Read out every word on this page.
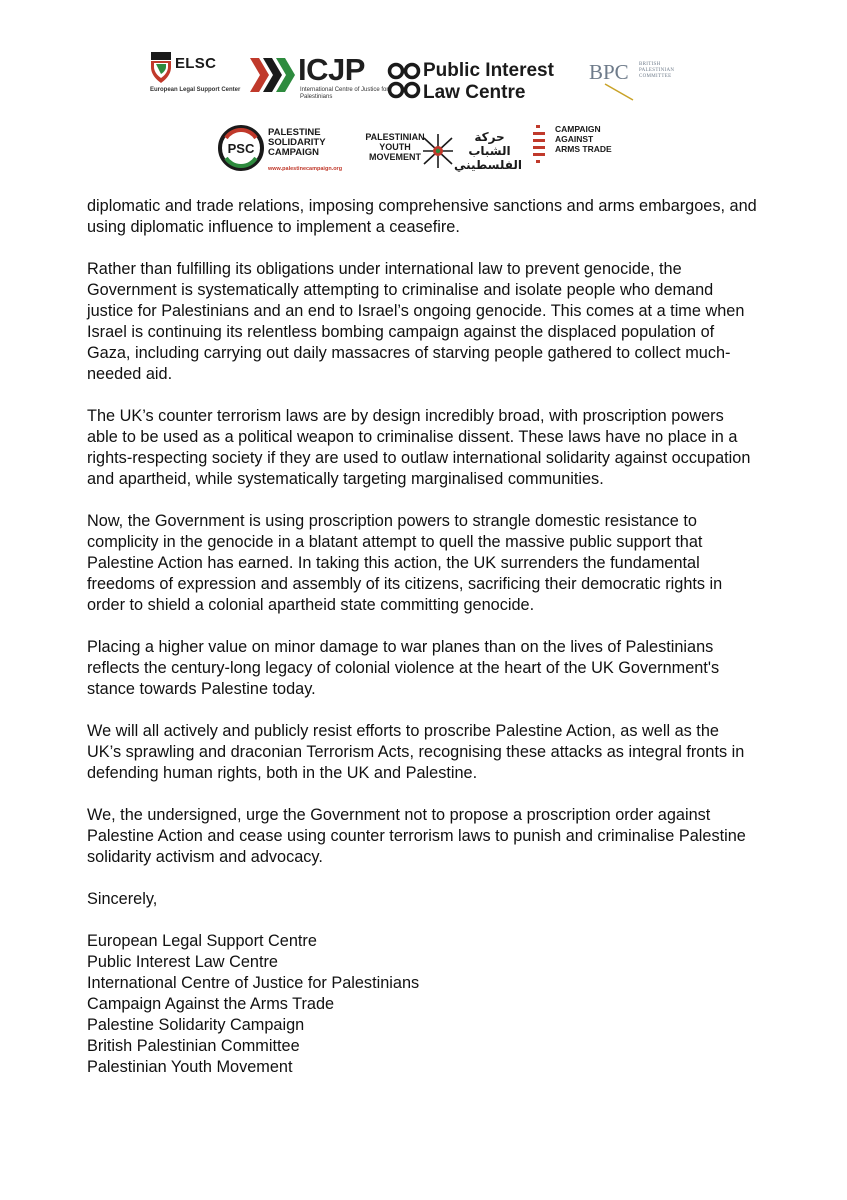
ELSC
European Legal Support Center
ICJP
International Centre of Justice for Palestinians
Public Interest
Law Centre
BPC BRITISH PALESTINIAN COMMITTEE
PSC
PALESTINE SOLIDARITY CAMPAIGN
www.palestinecampaign.org
PALESTINIAN YOUTH MOVEMENT
حركة الشباب الفلسطيني
CAMPAIGN AGAINST ARMS TRADE

diplomatic and trade relations, imposing comprehensive sanctions and arms embargoes, and using diplomatic influence to implement a ceasefire.

Rather than fulfilling its obligations under international law to prevent genocide, the Government is systematically attempting to criminalise and isolate people who demand justice for Palestinians and an end to Israel’s ongoing genocide. This comes at a time when Israel is continuing its relentless bombing campaign against the displaced population of Gaza, including carrying out daily massacres of starving people gathered to collect much-needed aid.

The UK’s counter terrorism laws are by design incredibly broad, with proscription powers able to be used as a political weapon to criminalise dissent. These laws have no place in a rights-respecting society if they are used to outlaw international solidarity against occupation and apartheid, while systematically targeting marginalised communities.

Now, the Government is using proscription powers to strangle domestic resistance to complicity in the genocide in a blatant attempt to quell the massive public support that Palestine Action has earned. In taking this action, the UK surrenders the fundamental freedoms of expression and assembly of its citizens, sacrificing their democratic rights in order to shield a colonial apartheid state committing genocide.

Placing a higher value on minor damage to war planes than on the lives of Palestinians reflects the century-long legacy of colonial violence at the heart of the UK Government's stance towards Palestine today.

We will all actively and publicly resist efforts to proscribe Palestine Action, as well as the UK’s sprawling and draconian Terrorism Acts, recognising these attacks as integral fronts in defending human rights, both in the UK and Palestine.

We, the undersigned, urge the Government not to propose a proscription order against Palestine Action and cease using counter terrorism laws to punish and criminalise Palestine solidarity activism and advocacy.

Sincerely,

European Legal Support Centre
Public Interest Law Centre
International Centre of Justice for Palestinians
Campaign Against the Arms Trade
Palestine Solidarity Campaign
British Palestinian Committee
Palestinian Youth Movement
